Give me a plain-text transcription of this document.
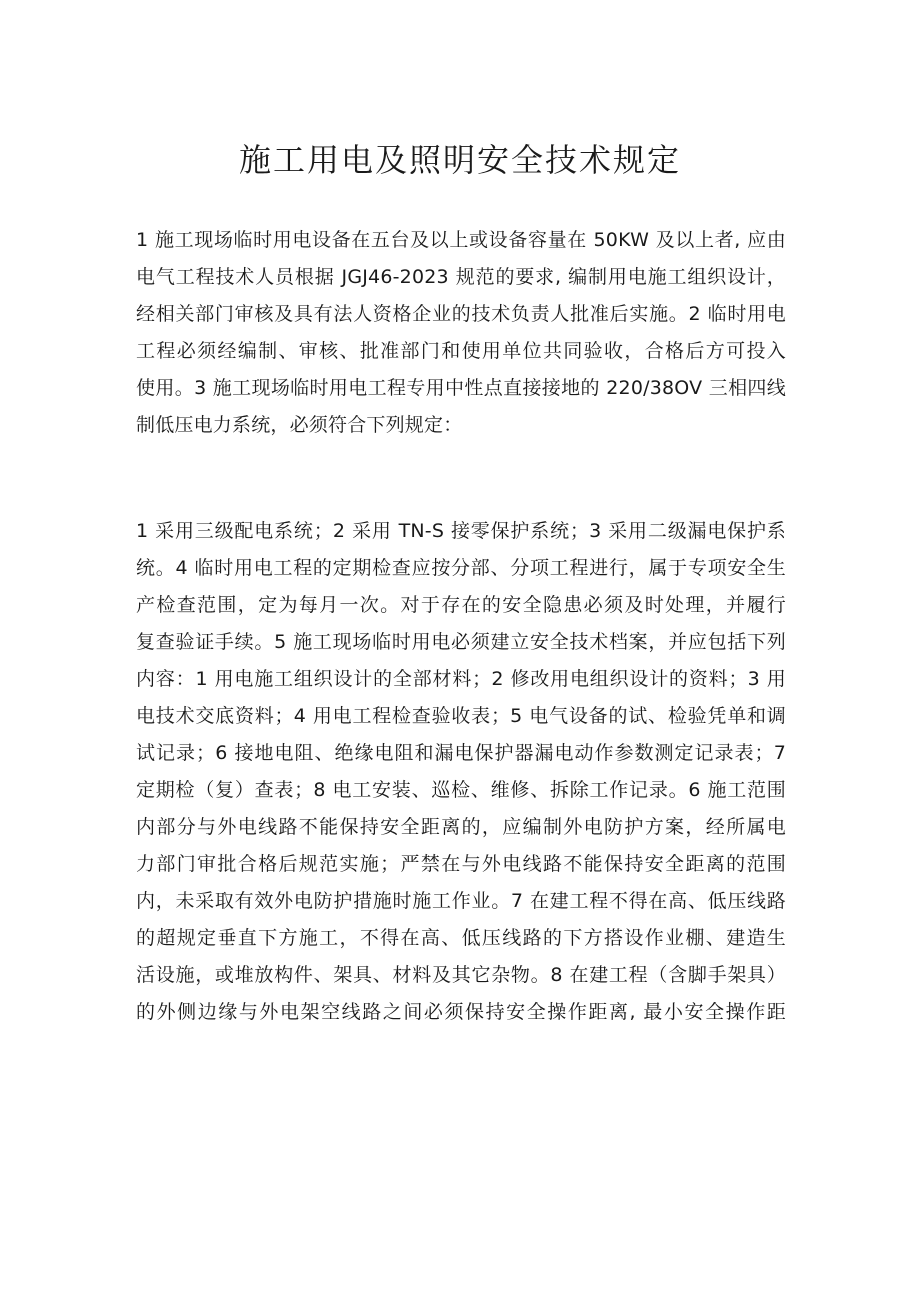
施工用电及照明安全技术规定
1 施工现场临时用电设备在五台及以上或设备容量在 50KW 及以上者, 应由
电气工程技术人员根据 JGJ46-2023 规范的要求, 编制用电施工组织设计，
经相关部门审核及具有法人资格企业的技术负责人批准后实施。2 临时用电
工程必须经编制、审核、批准部门和使用单位共同验收，合格后方可投入
使用。3 施工现场临时用电工程专用中性点直接接地的 220/38OV 三相四线
制低压电力系统，必须符合下列规定：
1 采用三级配电系统；2 采用 TN-S 接零保护系统；3 采用二级漏电保护系
统。4 临时用电工程的定期检查应按分部、分项工程进行，属于专项安全生
产检查范围，定为每月一次。对于存在的安全隐患必须及时处理，并履行
复查验证手续。5 施工现场临时用电必须建立安全技术档案，并应包括下列
内容：1 用电施工组织设计的全部材料；2 修改用电组织设计的资料；3 用
电技术交底资料；4 用电工程检查验收表；5 电气设备的试、检验凭单和调
试记录；6 接地电阻、绝缘电阻和漏电保护器漏电动作参数测定记录表；7
定期检（复）查表；8 电工安装、巡检、维修、拆除工作记录。6 施工范围
内部分与外电线路不能保持安全距离的，应编制外电防护方案，经所属电
力部门审批合格后规范实施；严禁在与外电线路不能保持安全距离的范围
内，未采取有效外电防护措施时施工作业。7 在建工程不得在高、低压线路
的超规定垂直下方施工，不得在高、低压线路的下方搭设作业棚、建造生
活设施，或堆放构件、架具、材料及其它杂物。8 在建工程（含脚手架具）
的外侧边缘与外电架空线路之间必须保持安全操作距离, 最小安全操作距
